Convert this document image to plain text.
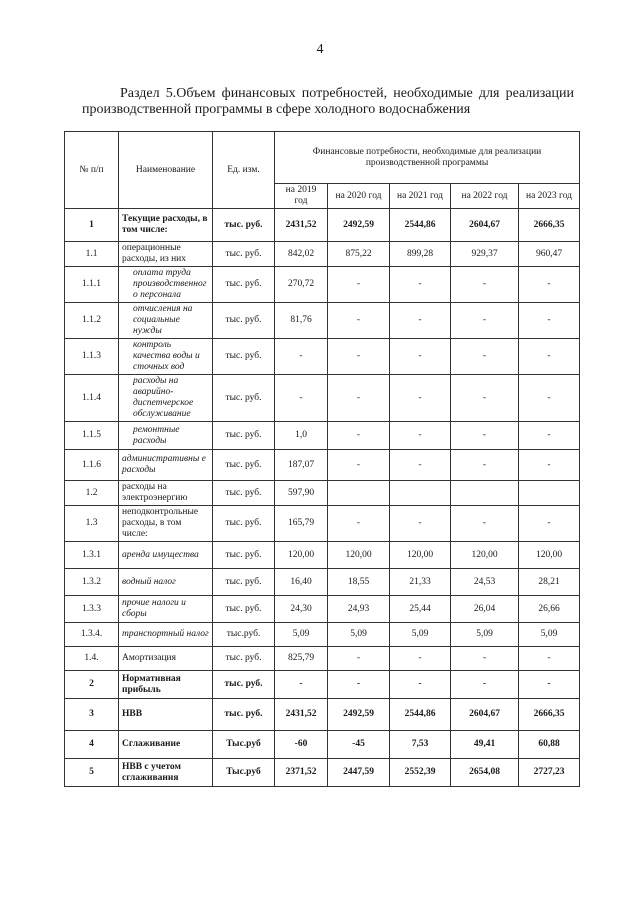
4
Раздел 5.Объем финансовых потребностей, необходимые для реализации
производственной программы в сфере холодного водоснабжения
№ п/п	Наименование	Ед. изм.	Финансовые потребности, необходимые для реализации производственной программы				
			на 2019 год	на 2020 год	на 2021 год	на 2022 год	на 2023 год
1	Текущие расходы, в том числе:	тыс. руб.	2431,52	2492,59	2544,86	2604,67	2666,35
1.1	операционные расходы, из них	тыс. руб.	842,02	875,22	899,28	929,37	960,47
1.1.1	оплата труда производственног о персонала	тыс. руб.	270,72	-	-	-	-
1.1.2	отчисления на социальные нужды	тыс. руб.	81,76	-	-	-	-
1.1.3	контроль качества воды и сточных вод	тыс. руб.	-	-	-	-	-
1.1.4	расходы на аварийно-диспетчерское обслуживание	тыс. руб.	-	-	-	-	-
1.1.5	ремонтные расходы	тыс. руб.	1,0	-	-	-	-
1.1.6	административны е расходы	тыс. руб.	187,07	-	-	-	-
1.2	расходы на электроэнергию	тыс. руб.	597,90				
1.3	неподконтрольные расходы, в том числе:	тыс. руб.	165,79	-	-	-	-
1.3.1	аренда имущества	тыс. руб.	120,00	120,00	120,00	120,00	120,00
1.3.2	водный налог	тыс. руб.	16,40	18,55	21,33	24,53	28,21
1.3.3	прочие налоги и сборы	тыс. руб.	24,30	24,93	25,44	26,04	26,66
1.3.4.	транспортный налог	тыс.руб.	5,09	5,09	5,09	5,09	5,09
1.4.	Амортизация	тыс. руб.	825,79	-	-	-	-
2	Нормативная прибыль	тыс. руб.	-	-	-	-	-
3	НВВ	тыс. руб.	2431,52	2492,59	2544,86	2604,67	2666,35
4	Сглаживание	Тыс.руб	-60	-45	7,53	49,41	60,88
5	НВВ с учетом сглаживания	Тыс.руб	2371,52	2447,59	2552,39	2654,08	2727,23
